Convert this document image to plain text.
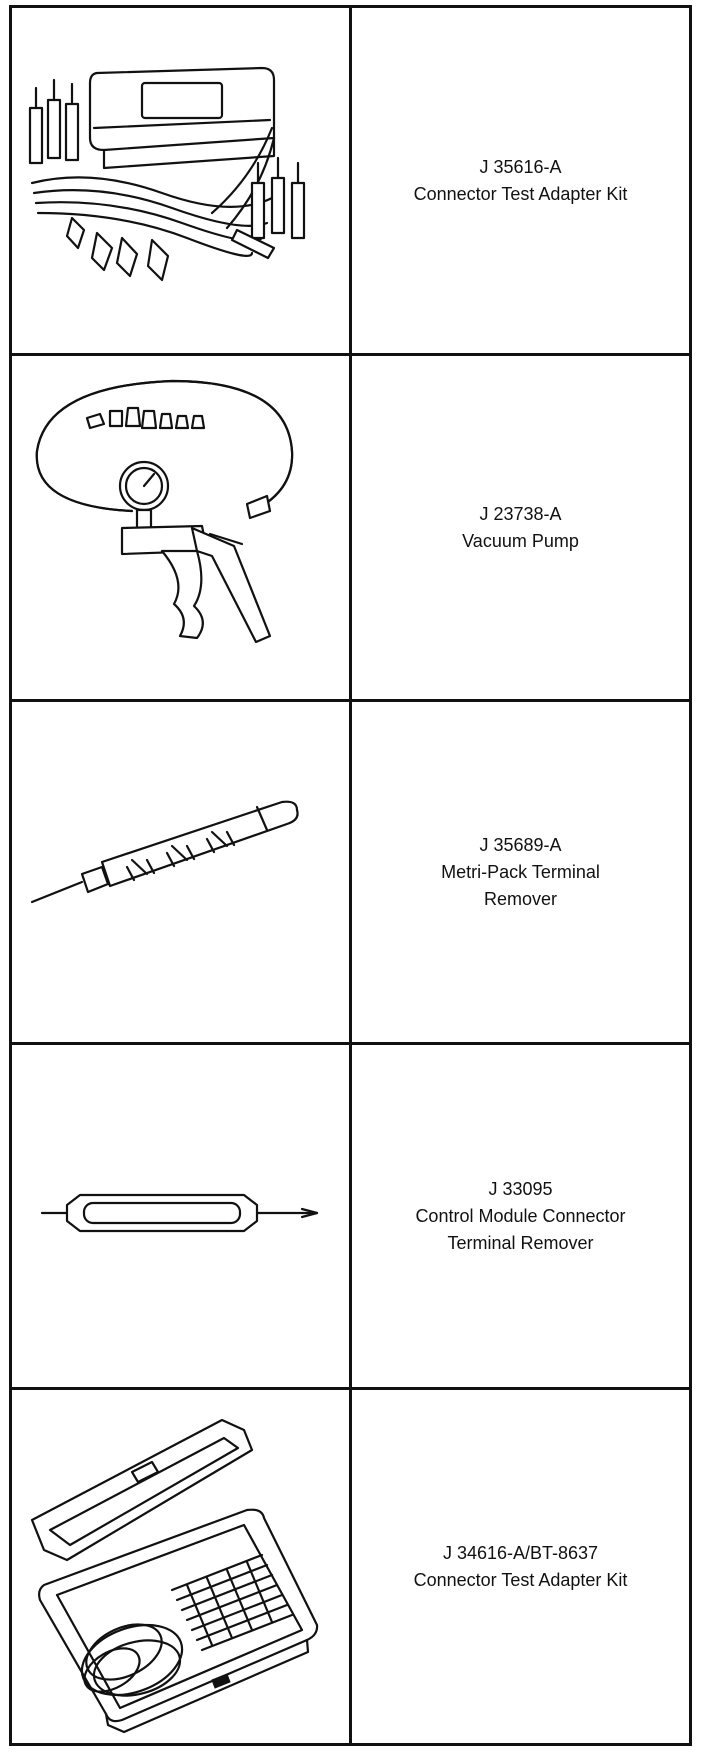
J 35616-A
Connector Test Adapter Kit

J 23738-A
Vacuum Pump

J 35689-A
Metri-Pack Terminal
Remover

J 33095
Control Module Connector
Terminal Remover

J 34616-A/BT-8637
Connector Test Adapter Kit
